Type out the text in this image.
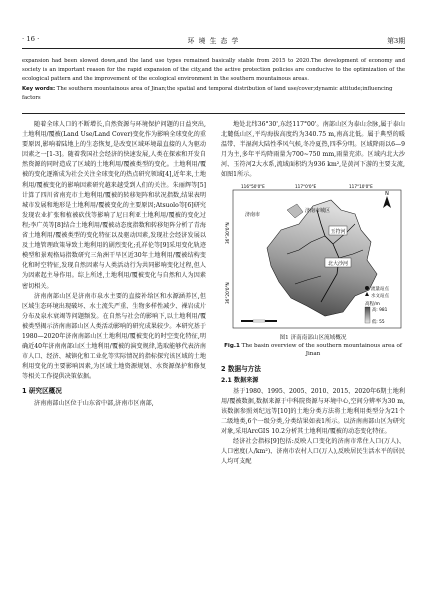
· 16 ·	环 境 生 态 学	第3期
expansion had been slowed down,and the land use types remained basically stable from 2015 to 2020.The development of economy and society is an important reason for the rapid expansion of the city,and the active protection policies are conducive to the optimization of the ecological pattern and the improvement of the ecological environment in the southern mountainous areas.
Key words: The southern mountainous area of Jinan;the spatial and temporal distribution of land use/cover;dynamic attitude;influencing factors

随着全球人口的不断增长,自然资源与环境保护问题的日益突出,土地利用/覆被(Land Use/Land Cover)变化作为影响全球变化的重要原因,影响着陆地上的生态恢复,是改变区域环境最直接的人为驱动因素之一[1-3]。随着我国社会经济的快速发展,人类在探索和开发自然资源的同时造成了区域的土地利用/覆被类型的变化。土地利用/覆被的变化逐渐成为社会关注全球变化的热点研究领域[4],近年来,土地利用/覆被变化的影响因素研究越来越受到人们的关注。朱丽辉等[5]计算了四川省南充市土地利用/覆被的转移矩阵和状况指数,结果表明城市发展和地形是土地利用/覆被变化的主要原因;Atsuolo等[6]研究发现农业扩张和植被砍伐等影响了尼日利亚土地利用/覆被的变化过程;李广英等[8]结合土地利用/覆被动态度指数和转移矩阵分析了青海省土地利用/覆被类型的变化特征以及驱动因素,发现社会经济发展以及土地管理政策导致土地利用的剧烈变化;孔祥伦等[9]采用变化轨迹模型和景观格局指数研究三角洲干旱区近30年土地利用/覆被结构变化和时空特征,发现自然因素与人类活动行为共同影响变化过程,但人为因素起主导作用。综上所述,土地利用/覆被变化与自然和人为因素密切相关。

济南南部山区是济南市泉水主要的直接补给区和水源涵养区,但区域生态环境出现破坏、水土流失严重、生物多样性减少、裸岩成片分布及泉水衰竭等问题频发。在自然与社会的影响下,以土地利用/覆被类型揭示济南南部山区人类活动影响的研究成果较少。本研究基于1980—2020年济南南部山区土地利用/覆被变化的时空变化特征,明确近40年济南南部山区土地利用/覆被的演变规律,选取能够代表济南市人口、经济、城镇化和工业化等实际情况的指标探究该区域的土地利用变化的主要影响因素,为区域土地资源规划、水资源保护和修复等相关工作提供决策依据。

1 研究区概况

济南南部山区位于山东省中部,济南市区南部,

地处北纬36°30',东经117°00'。南部山区为泰山余脉,属于泰山北麓低山区,平均海拔高度约为340.75 m,南高北低。属于典型的暖温带、半湿润大陆性季风气候,冬冷夏热,四季分明。区域降雨以6—9月为主,多年平均降雨量为700~750 mm,雨量充沛。区域内北大沙河、玉符河2大水系,流域面积约为936 km²,是黄河下游的主要支流,如图1所示。

玉符河
北大沙河
济南市
济南市城区
116°50'0"E	117°0'0"E	117°10'0"E
36°30'0"N
36°20'0"N
N
流量站点
水文站点
高程/m
高: 981
低: 55
图1 济南南部山区流域概况
Fig.1 The basin overview of the southern mountainous area of Jinan
2 数据与方法
2.1 数据来源

基于1980、1995、2005、2010、2015、2020年6期土地利用/覆被数据,数据来源于中科院资源与环境中心,空间分辨率为30 m,该数据参照刘纪远等[10]的土地分类方法将土地利用类型分为21个二级地类,6个一级分类,分类结果如表1所示。以济南南部山区为研究对象,采用ArcGIS 10.2分析其土地利用/覆被的动态变化特征。

经济社会指标[9]包括:反映人口变化的济南市常住人口(万人)、人口密度(人/km²)、济南市农村人口(万人),反映居民生活水平的居民人均可支配
